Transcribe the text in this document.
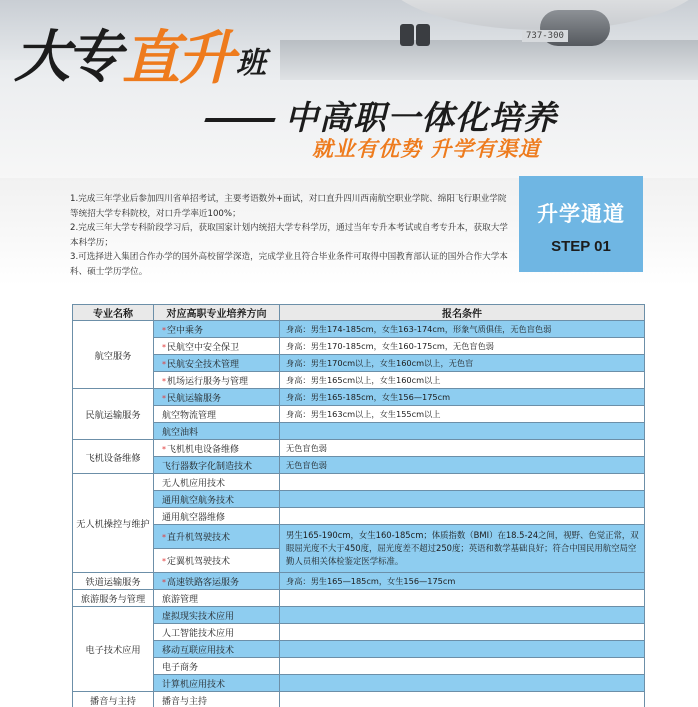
737-300
大专 直升 班
中高职一体化培养
就业有优势 升学有渠道

1.完成三年学业后参加四川省单招考试，主要考语数外+面试，对口直升四川西南航空职业学院、绵阳飞行职业学院等统招大学专科院校，对口升学率近100%；

2.完成三年大学专科阶段学习后，获取国家计划内统招大学专科学历，通过当年专升本考试或自考专升本，获取大学本科学历；

3.可选择进入集团合作办学的国外高校留学深造，完成学业且符合毕业条件可取得中国教育部认证的国外合作大学本科、硕士学历学位。

升学通道
STEP 01
专业名称	对应高职专业培养方向	报名条件
航空服务	*空中乘务	身高：男生174-185cm，女生163-174cm，形象气质俱佳，无色盲色弱
	*民航空中安全保卫	身高：男生170-185cm，女生160-175cm，无色盲色弱
	*民航安全技术管理	身高：男生170cm以上，女生160cm以上，无色盲
	*机场运行服务与管理	身高：男生165cm以上，女生160cm以上
民航运输服务	*民航运输服务	身高：男生165-185cm，女生156—175cm
	航空物流管理	身高：男生163cm以上，女生155cm以上
	航空油料	
飞机设备维修	*飞机机电设备维修	无色盲色弱
	飞行器数字化制造技术	无色盲色弱
无人机操控与维护	无人机应用技术	
	通用航空航务技术	
	通用航空器维修	
	*直升机驾驶技术	男生165-190cm，女生160-185cm；体质指数（BMI）在18.5-24之间，视野、色觉正常，双眼屈光度不大于450度，屈光度差不超过250度；英语和数学基础良好；符合中国民用航空局空勤人员相关体检鉴定医学标准。
	*定翼机驾驶技术	
铁道运输服务	*高速铁路客运服务	身高：男生165—185cm，女生156—175cm
旅游服务与管理	旅游管理	
电子技术应用	虚拟现实技术应用	
	人工智能技术应用	
	移动互联应用技术	
	电子商务	
	计算机应用技术	
播音与主持	播音与主持	
